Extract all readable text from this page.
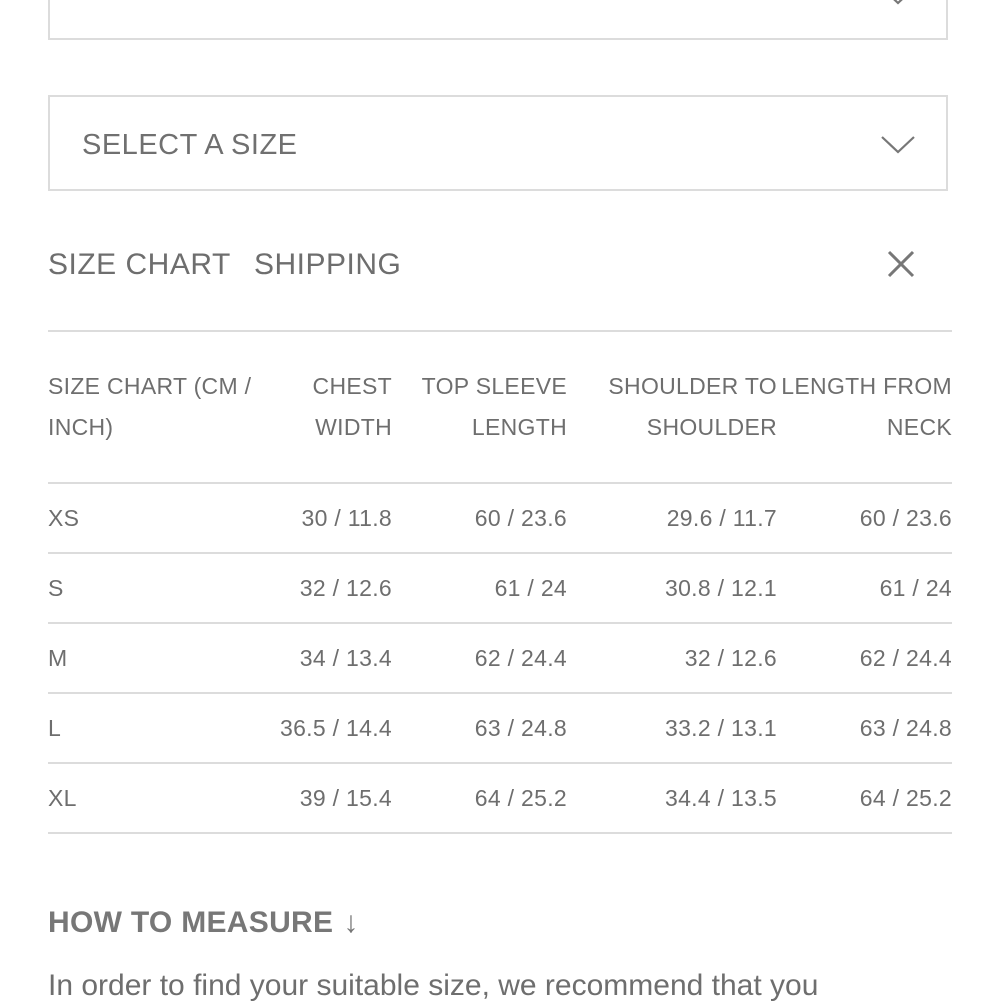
SELECT A SIZE
SIZE CHART SHIPPING
SIZE CHART (CM / INCH)	CHEST WIDTH	TOP SLEEVE LENGTH	SHOULDER TO SHOULDER	LENGTH FROM NECK
XS	30 / 11.8	60 / 23.6	29.6 / 11.7	60 / 23.6
S	32 / 12.6	61 / 24	30.8 / 12.1	61 / 24
M	34 / 13.4	62 / 24.4	32 / 12.6	62 / 24.4
L	36.5 / 14.4	63 / 24.8	33.2 / 13.1	63 / 24.8
XL	39 / 15.4	64 / 25.2	34.4 / 13.5	64 / 25.2
HOW TO MEASURE ↓
In order to find your suitable size, we recommend that you
